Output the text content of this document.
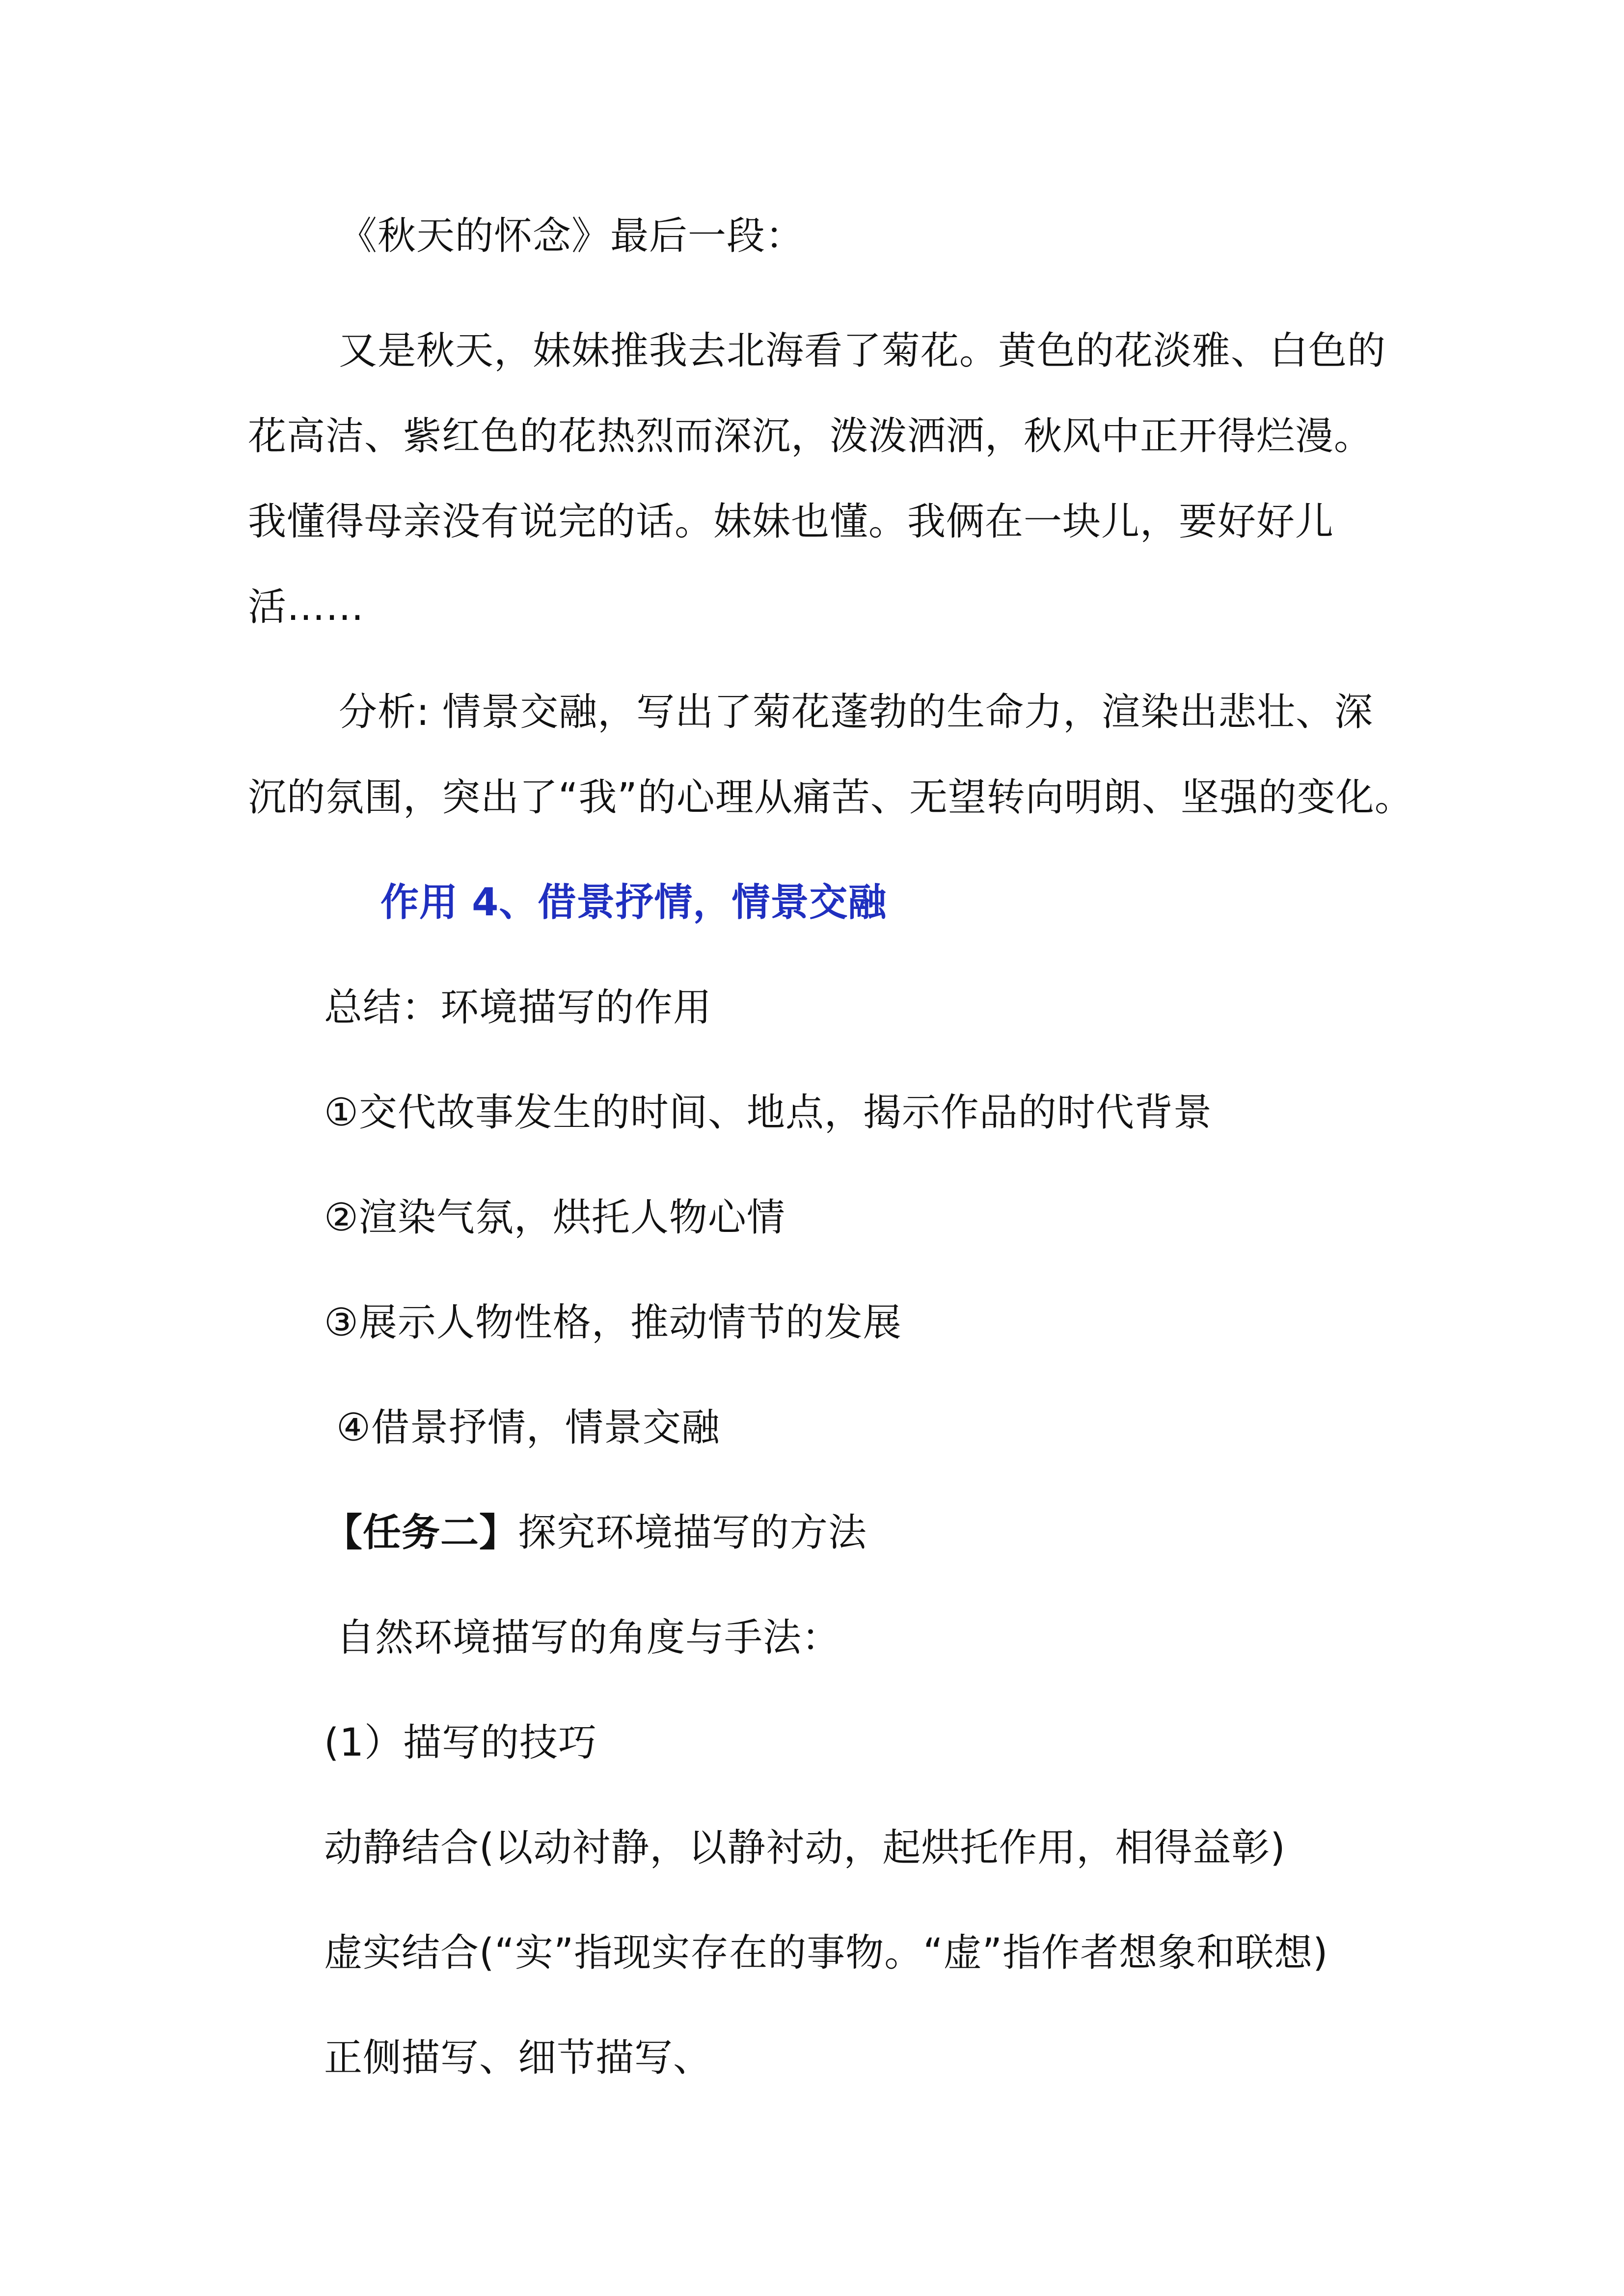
《秋天的怀念》最后一段：
又是秋天，妹妹推我去北海看了菊花。黄色的花淡雅、白色的
花高洁、紫红色的花热烈而深沉，泼泼洒洒，秋风中正开得烂漫。
我懂得母亲没有说完的话。妹妹也懂。我俩在一块儿，要好好儿
活……
分析: 情景交融，写出了菊花蓬勃的生命力，渲染出悲壮、深
沉的氛围，突出了“我”的心理从痛苦、无望转向明朗、坚强的变化。
作用 4、借景抒情，情景交融
总结：环境描写的作用
①交代故事发生的时间、地点，揭示作品的时代背景
②渲染气氛，烘托人物心情
③展示人物性格，推动情节的发展
④借景抒情，情景交融
【任务二】探究环境描写的方法
自然环境描写的角度与手法：
(1）描写的技巧
动静结合(以动衬静，以静衬动，起烘托作用，相得益彰)
虚实结合(“实”指现实存在的事物。“虚”指作者想象和联想)
正侧描写、细节描写、
